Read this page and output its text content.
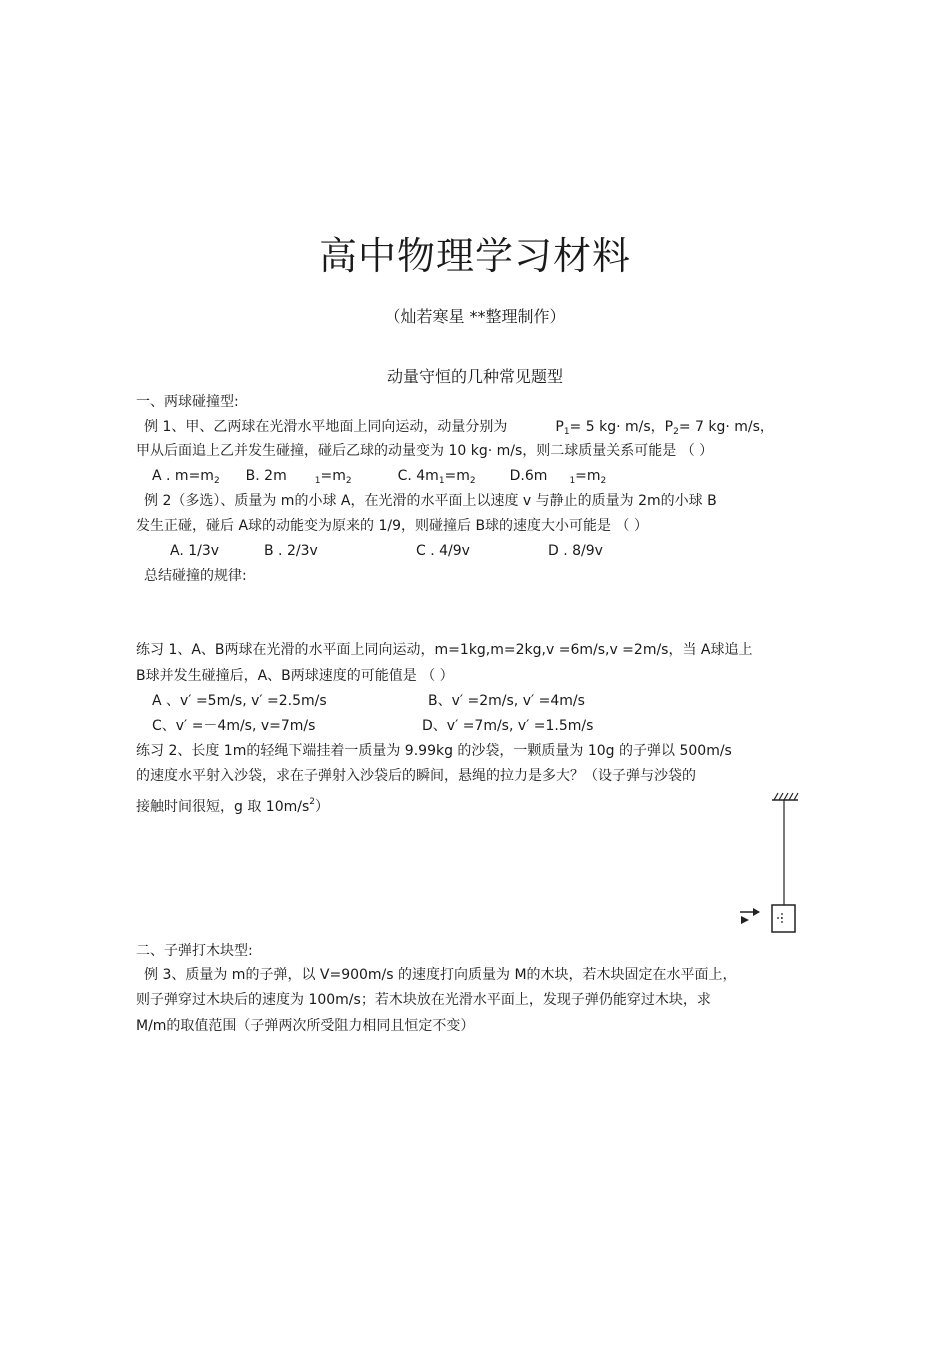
高中物理学习材料
（灿若寒星 **整理制作）
动量守恒的几种常见题型
一、两球碰撞型:
例 1、甲、乙两球在光滑水平地面上同向运动，动量分别为	$P_1= 5$ kg· m/s，$P_2= 7$ kg· m/s，
甲从后面追上乙并发生碰撞，碰后乙球的动量变为 10 kg· m/s，则二球质量关系可能是 （ ）
A . $m=m_2$ B. 2m	$_1=m_2$	C. $4m_1=m_2$ D.6m $_1=m_2$
例 2（多选）、质量为 m的小球 A，在光滑的水平面上以速度 v 与静止的质量为 2m的小球 B
发生正碰，碰后 A球的动能变为原来的 1/9，则碰撞后 B球的速度大小可能是 （ ）
A. 1/3v	B . 2/3v	C . 4/9v	D . 8/9v
总结碰撞的规律:
练习 1、A、B两球在光滑的水平面上同向运动，m=1kg,m=2kg,v =6m/s,v =2m/s，当 A球追上
B球并发生碰撞后，A、B两球速度的可能值是 （ ）
A 、v′ =5m/s, v′ =2.5m/s	B、v′ =2m/s, v′ =4m/s
C、v′ =－4m/s, v=7m/s	D、v′ =7m/s, v′ =1.5m/s
练习 2、长度 1m的轻绳下端挂着一质量为 9.99kg 的沙袋，一颗质量为 10g 的子弹以 500m/s
的速度水平射入沙袋，求在子弹射入沙袋后的瞬间，悬绳的拉力是多大？（设子弹与沙袋的
接触时间很短，g 取 $10m/s^2$）
二、子弹打木块型:
例 3、质量为 m的子弹，以 V=900m/s 的速度打向质量为 M的木块，若木块固定在水平面上，
则子弹穿过木块后的速度为 100m/s；若木块放在光滑水平面上，发现子弹仍能穿过木块，求
M/m的取值范围（子弹两次所受阻力相同且恒定不变）
